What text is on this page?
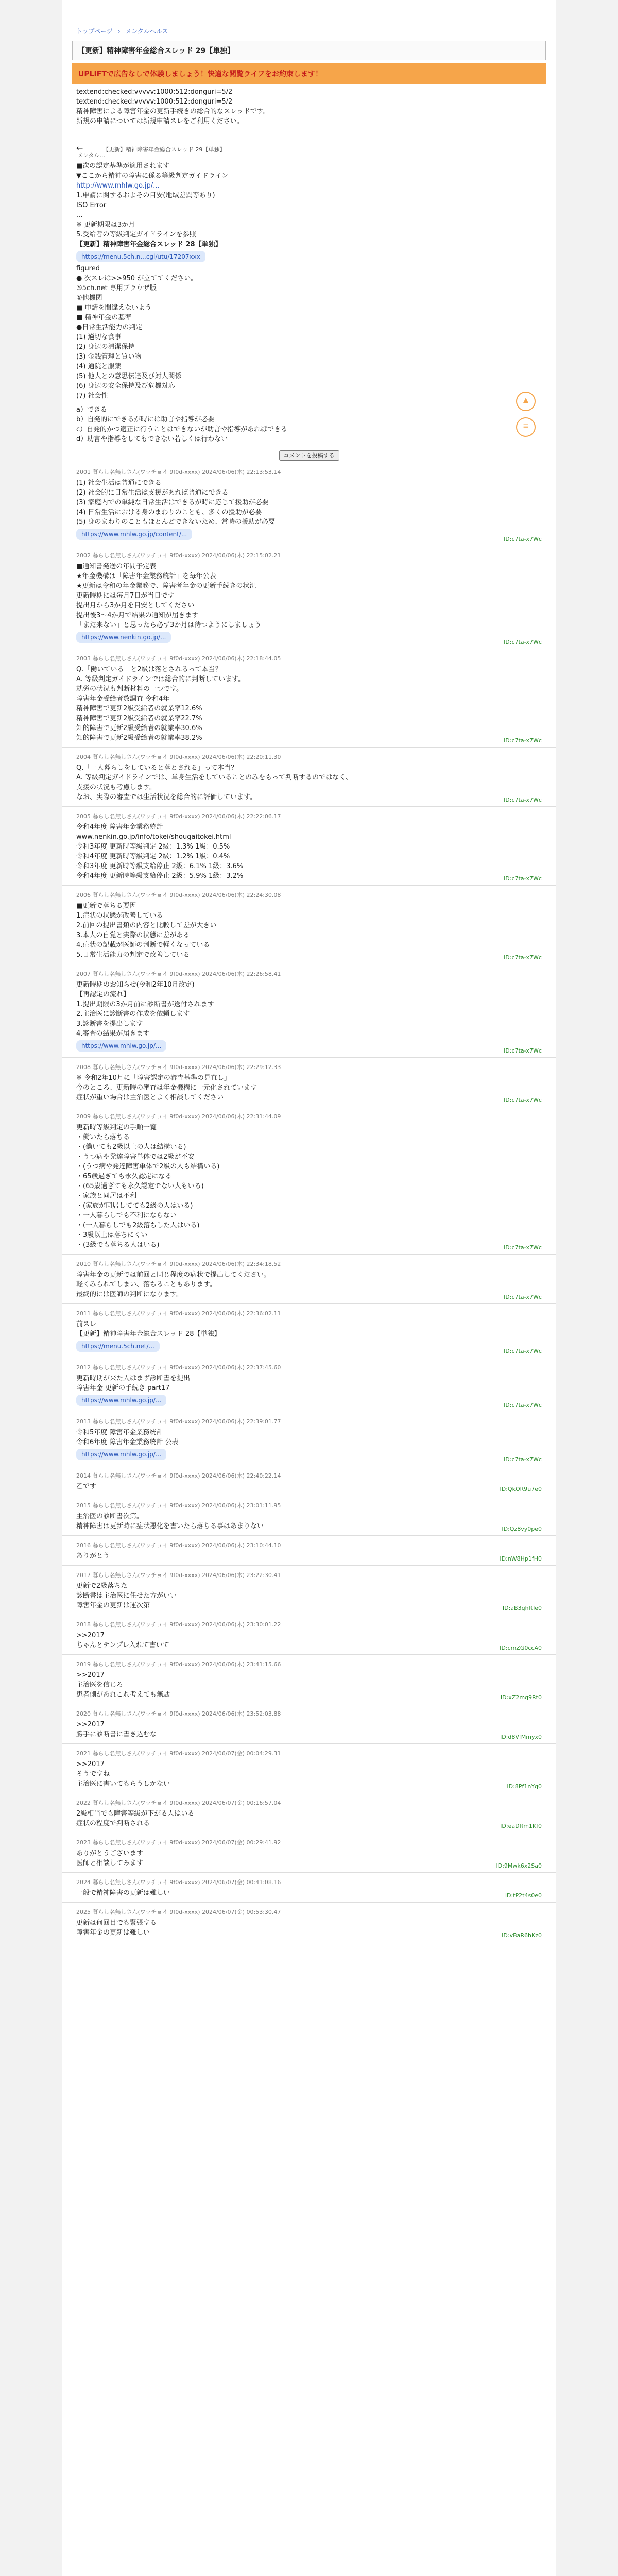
トップページ › メンタルヘルス
【更新】精神障害年金総合スレッド 29【単独】
UPLIFTで広告なしで体験しましょう！快適な閲覧ライフをお約束します！

textend:checked:vvvvv:1000:512:donguri=5/2

textend:checked:vvvvv:1000:512:donguri=5/2

精神障害による障害年金の更新手続きの総合的なスレッドです。

新規の申請については新規申請スレをご利用ください。

←	【更新】精神障害年金総合スレッド 29【単独】
メンタル...

■次の認定基準が適用されます

▼ここから精神の障害に係る等級判定ガイドライン

http://www.mhlw.go.jp/...

1.申請に関するおよその目安(地域差異等あり)

ISO Error

...

※ 更新期限は3か月

5.受給者の等級判定ガイドラインを参照

【更新】精神障害年金総合スレッド 28【単独】

https://menu.5ch.n...cgi/utu/17207xxx

figured

● 次スレは>>950 が立ててください。

⑤5ch.net 専用ブラウザ版

⑤他機関

■ 申請を間違えないよう

■ 精神年金の基準

●日常生活能力の判定

(1) 適切な食事

(2) 身辺の清潔保持

(3) 金銭管理と買い物

(4) 通院と服薬

(5) 他人との意思伝達及び対人関係

(6) 身辺の安全保持及び危機対応

(7) 社会性

a）できる

b）自発的にできるが時には助言や指導が必要

c）自発的かつ適正に行うことはできないが助言や指導があればできる

d）助言や指導をしてもできない若しくは行わない

コメントを投稿する
▲
≡
2001 暮らし名無しさん(ワッチョイ 9f0d-xxxx) 2024/06/06(木) 22:13:53.14

(1) 社会生活は普通にできる

(2) 社会的に日常生活は支援があれば普通にできる

(3) 家庭内での単純な日常生活はできるが時に応じて援助が必要

(4) 日常生活における身のまわりのことも、多くの援助が必要

(5) 身のまわりのこともほとんどできないため、常時の援助が必要

https://www.mhlw.go.jp/content/...
ID:c7ta-x7Wc
2002 暮らし名無しさん(ワッチョイ 9f0d-xxxx) 2024/06/06(木) 22:15:02.21

■通知書発送の年間予定表

★年金機構は「障害年金業務統計」を毎年公表

★更新は令和の年金業務で、障害者年金の更新手続きの状況

更新時期には毎月7日が当日です

提出月から3か月を目安としてください

提出後3〜4か月で結果の通知が届きます

「まだ来ない」と思ったら必ず3か月は待つようにしましょう

https://www.nenkin.go.jp/...
ID:c7ta-x7Wc
2003 暮らし名無しさん(ワッチョイ 9f0d-xxxx) 2024/06/06(木) 22:18:44.05

Q.「働いている」と2級は落とされるって本当？

A. 等級判定ガイドラインでは総合的に判断しています。

就労の状況も判断材料の一つです。

障害年金受給者数調査 令和4年

精神障害で更新2級受給者の就業率12.6%

精神障害で更新2級受給者の就業率22.7%

知的障害で更新2級受給者の就業率30.6%

知的障害で更新2級受給者の就業率38.2%	ID:c7ta-x7Wc
2004 暮らし名無しさん(ワッチョイ 9f0d-xxxx) 2024/06/06(木) 22:20:11.30

Q.「一人暮らしをしていると落とされる」って本当？

A. 等級判定ガイドラインでは、単身生活をしていることのみをもって判断するのではなく、

支援の状況も考慮します。

なお、実際の審査では生活状況を総合的に評価しています。	ID:c7ta-x7Wc
2005 暮らし名無しさん(ワッチョイ 9f0d-xxxx) 2024/06/06(木) 22:22:06.17

令和4年度 障害年金業務統計

www.nenkin.go.jp/info/tokei/shougaitokei.html

令和3年度 更新時等級判定 2級：1.3% 1級：0.5%

令和4年度 更新時等級判定 2級：1.2% 1級：0.4%

令和3年度 更新時等級支給停止 2級：6.1% 1級：3.6%

令和4年度 更新時等級支給停止 2級：5.9% 1級：3.2%	ID:c7ta-x7Wc
2006 暮らし名無しさん(ワッチョイ 9f0d-xxxx) 2024/06/06(木) 22:24:30.08

■更新で落ちる要因

1.症状の状態が改善している

2.前回の提出書類の内容と比較して差が大きい

3.本人の自覚と実際の状態に差がある

4.症状の記載が医師の判断で軽くなっている

5.日常生活能力の判定で改善している	ID:c7ta-x7Wc
2007 暮らし名無しさん(ワッチョイ 9f0d-xxxx) 2024/06/06(木) 22:26:58.41

更新時期のお知らせ(令和2年10月改定)

【再認定の流れ】

1.提出期限の3か月前に診断書が送付されます

2.主治医に診断書の作成を依頼します

3.診断書を提出します

4.審査の結果が届きます

https://www.mhlw.go.jp/...
ID:c7ta-x7Wc
2008 暮らし名無しさん(ワッチョイ 9f0d-xxxx) 2024/06/06(木) 22:29:12.33

※ 令和2年10月に「障害認定の審査基準の見直し」

今のところ、更新時の審査は年金機構に一元化されています

症状が重い場合は主治医とよく相談してください	ID:c7ta-x7Wc
2009 暮らし名無しさん(ワッチョイ 9f0d-xxxx) 2024/06/06(木) 22:31:44.09

更新時等級判定の手順一覧

・働いたら落ちる

・(働いても2級以上の人は結構いる)

・うつ病や発達障害単体では2級が不安

・(うつ病や発達障害単体で2級の人も結構いる)

・65歳過ぎても永久認定になる

・(65歳過ぎても永久認定でない人もいる)

・家族と同居は不利

・(家族が同居してても2級の人はいる)

・一人暮らしでも不利にならない

・(一人暮らしでも2級落ちした人はいる)

・3級以上は落ちにくい

・(3級でも落ちる人はいる)	ID:c7ta-x7Wc
2010 暮らし名無しさん(ワッチョイ 9f0d-xxxx) 2024/06/06(木) 22:34:18.52

障害年金の更新では前回と同じ程度の病状で提出してください。

軽くみられてしまい、落ちることもあります。

最終的には医師の判断になります。	ID:c7ta-x7Wc
2011 暮らし名無しさん(ワッチョイ 9f0d-xxxx) 2024/06/06(木) 22:36:02.11

前スレ

【更新】精神障害年金総合スレッド 28【単独】

https://menu.5ch.net/...
ID:c7ta-x7Wc
2012 暮らし名無しさん(ワッチョイ 9f0d-xxxx) 2024/06/06(木) 22:37:45.60

更新時期が来た人はまず診断書を提出

障害年金 更新の手続き part17

https://www.mhlw.go.jp/...
ID:c7ta-x7Wc
2013 暮らし名無しさん(ワッチョイ 9f0d-xxxx) 2024/06/06(木) 22:39:01.77

令和5年度 障害年金業務統計

令和6年度 障害年金業務統計 公表

https://www.mhlw.go.jp/...
ID:c7ta-x7Wc
2014 暮らし名無しさん(ワッチョイ 9f0d-xxxx) 2024/06/06(木) 22:40:22.14

乙です	ID:QkOR9u7e0
2015 暮らし名無しさん(ワッチョイ 9f0d-xxxx) 2024/06/06(木) 23:01:11.95

主治医の診断書次第。

精神障害は更新時に症状悪化を書いたら落ちる事はあまりない	ID:Qz8vy0pe0
2016 暮らし名無しさん(ワッチョイ 9f0d-xxxx) 2024/06/06(木) 23:10:44.10

ありがとう	ID:nW8Hp1fH0
2017 暮らし名無しさん(ワッチョイ 9f0d-xxxx) 2024/06/06(木) 23:22:30.41

更新で2級落ちた

診断書は主治医に任せた方がいい

障害年金の更新は運次第	ID:aB3ghRTe0
2018 暮らし名無しさん(ワッチョイ 9f0d-xxxx) 2024/06/06(木) 23:30:01.22

>>2017

ちゃんとテンプレ入れて書いて	ID:cmZG0ccA0
2019 暮らし名無しさん(ワッチョイ 9f0d-xxxx) 2024/06/06(木) 23:41:15.66

>>2017

主治医を信じろ

患者側があれこれ考えても無駄	ID:xZ2mq9Rt0
2020 暮らし名無しさん(ワッチョイ 9f0d-xxxx) 2024/06/06(木) 23:52:03.88

>>2017

勝手に診断書に書き込むな	ID:d8VfMmyx0
2021 暮らし名無しさん(ワッチョイ 9f0d-xxxx) 2024/06/07(金) 00:04:29.31

>>2017

そうですね

主治医に書いてもらうしかない	ID:8Pf1nYq0
2022 暮らし名無しさん(ワッチョイ 9f0d-xxxx) 2024/06/07(金) 00:16:57.04

2級相当でも障害等級が下がる人はいる

症状の程度で判断される	ID:eaDRm1Kf0
2023 暮らし名無しさん(ワッチョイ 9f0d-xxxx) 2024/06/07(金) 00:29:41.92

ありがとうございます

医師と相談してみます	ID:9Mwk6x2Sa0
2024 暮らし名無しさん(ワッチョイ 9f0d-xxxx) 2024/06/07(金) 00:41:08.16

一般で精神障害の更新は難しい	ID:tP2t4s0e0
2025 暮らし名無しさん(ワッチョイ 9f0d-xxxx) 2024/06/07(金) 00:53:30.47

更新は何回目でも緊張する

障害年金の更新は難しい	ID:vBaR6hKz0
